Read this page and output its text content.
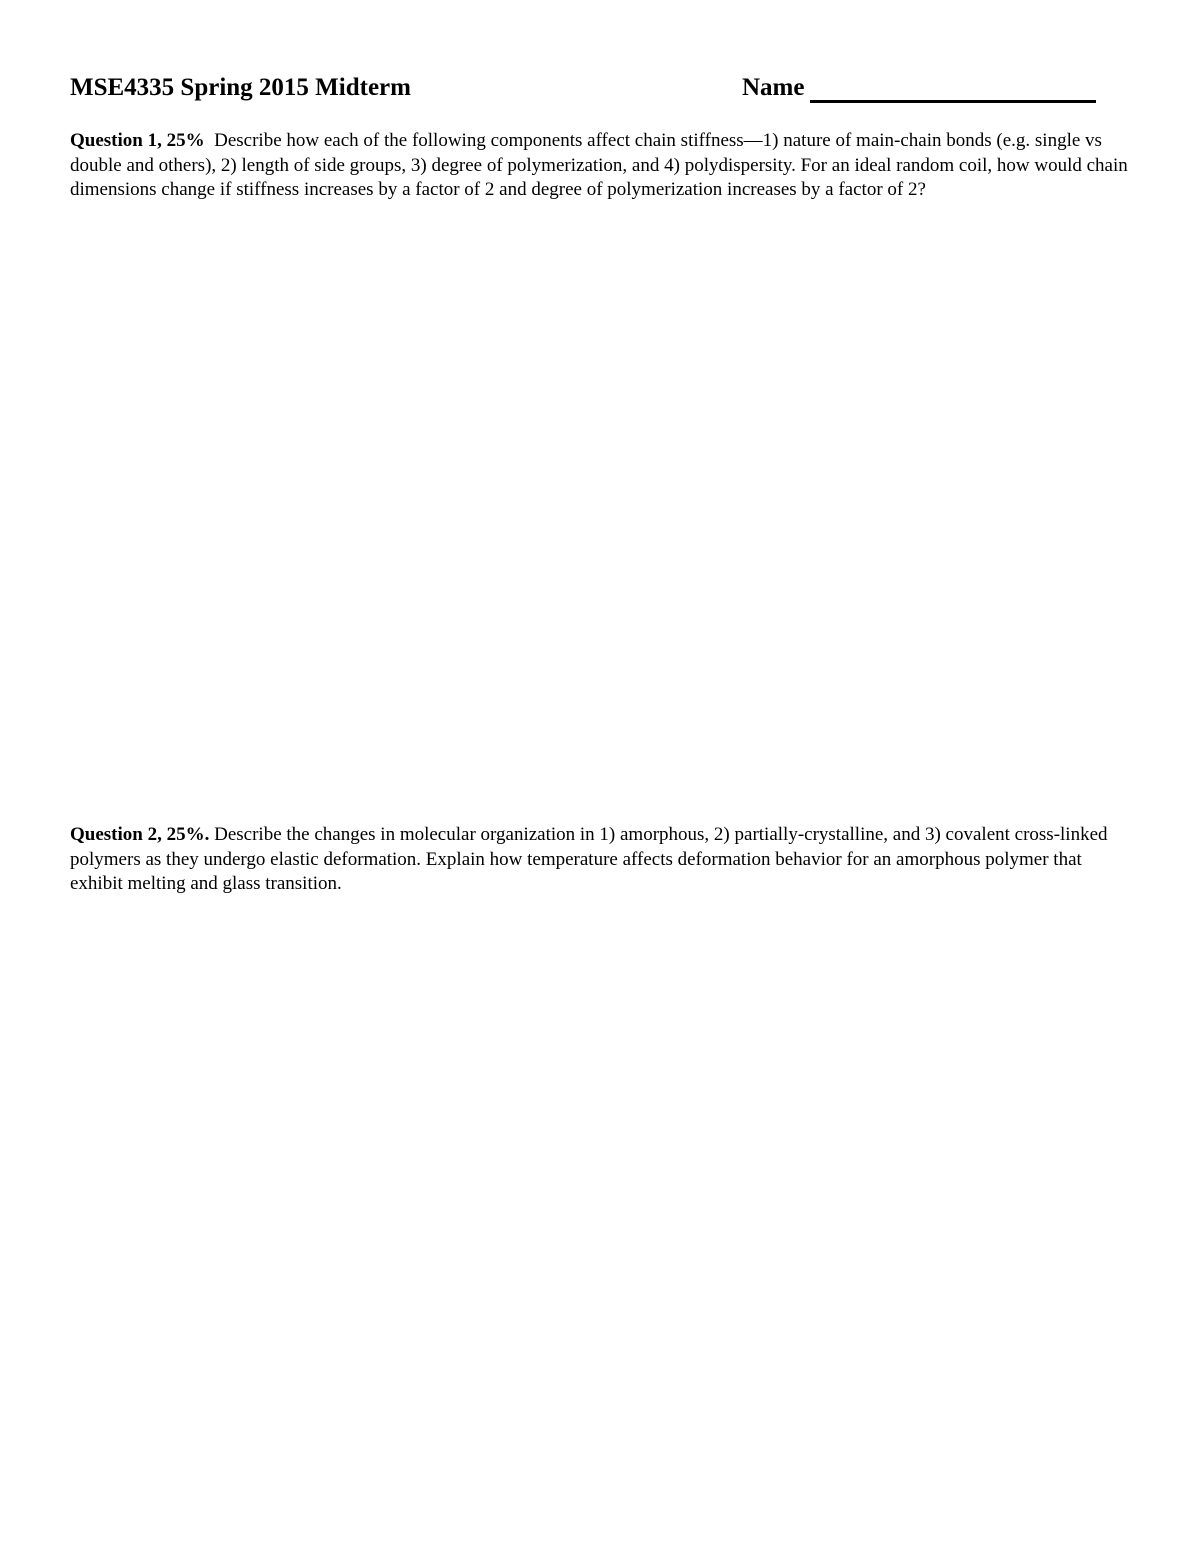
MSE4335 Spring 2015 Midterm	Name
Question 1, 25% Describe how each of the following components affect chain stiffness—1) nature of main-chain bonds (e.g. single vs double and others), 2) length of side groups, 3) degree of polymerization, and 4) polydispersity. For an ideal random coil, how would chain dimensions change if stiffness increases by a factor of 2 and degree of polymerization increases by a factor of 2?
Question 2, 25%. Describe the changes in molecular organization in 1) amorphous, 2) partially-crystalline, and 3) covalent cross-linked polymers as they undergo elastic deformation. Explain how temperature affects deformation behavior for an amorphous polymer that exhibit melting and glass transition.
